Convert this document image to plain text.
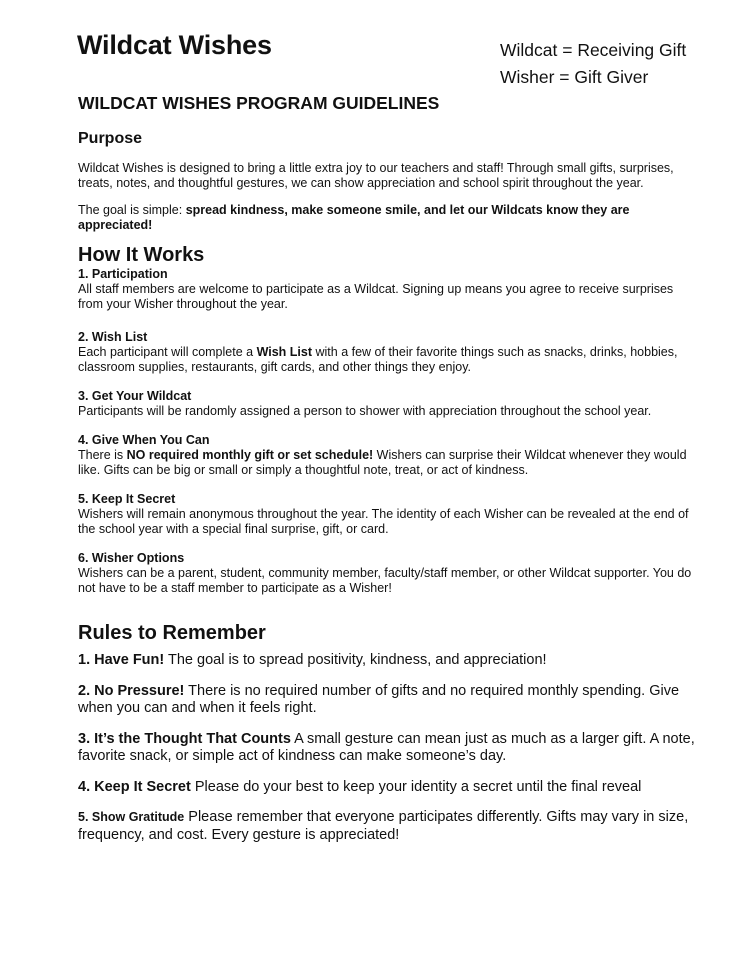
Wildcat Wishes	Wildcat = Receiving Gift
Wisher = Gift Giver
WILDCAT WISHES PROGRAM GUIDELINES
Purpose

Wildcat Wishes is designed to bring a little extra joy to our teachers and staff! Through small gifts, surprises, treats, notes, and thoughtful gestures, we can show appreciation and school spirit throughout the year.

The goal is simple: spread kindness, make someone smile, and let our Wildcats know they are appreciated!

How It Works
1. Participation

All staff members are welcome to participate as a Wildcat. Signing up means you agree to receive surprises from your Wisher throughout the year.

2. Wish List

Each participant will complete a Wish List with a few of their favorite things such as snacks, drinks, hobbies, classroom supplies, restaurants, gift cards, and other things they enjoy.

3. Get Your Wildcat

Participants will be randomly assigned a person to shower with appreciation throughout the school year.

4. Give When You Can

There is NO required monthly gift or set schedule! Wishers can surprise their Wildcat whenever they would like. Gifts can be big or small or simply a thoughtful note, treat, or act of kindness.

5. Keep It Secret

Wishers will remain anonymous throughout the year. The identity of each Wisher can be revealed at the end of the school year with a special final surprise, gift, or card.

6. Wisher Options

Wishers can be a parent, student, community member, faculty/staff member, or other Wildcat supporter. You do not have to be a staff member to participate as a Wisher!

Rules to Remember
1. Have Fun! The goal is to spread positivity, kindness, and appreciation!
2. No Pressure! There is no required number of gifts and no required monthly spending. Give when you can and when it feels right.
3. It’s the Thought That Counts A small gesture can mean just as much as a larger gift. A note, favorite snack, or simple act of kindness can make someone’s day.
4. Keep It Secret Please do your best to keep your identity a secret until the final reveal
5. Show Gratitude Please remember that everyone participates differently. Gifts may vary in size, frequency, and cost. Every gesture is appreciated!
